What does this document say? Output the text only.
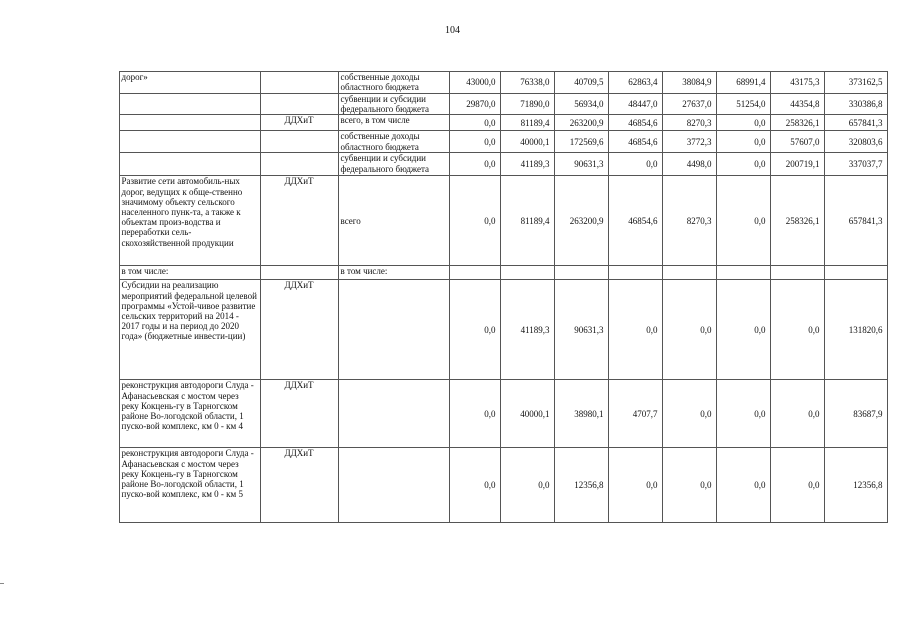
104
	дорог»		собственные доходы областного бюджета	43000,0	76338,0	40709,5	62863,4	38084,9	68991,4	43175,3	373162,5
			субвенции и субсидии федерального бюджета	29870,0	71890,0	56934,0	48447,0	27637,0	51254,0	44354,8	330386,8
		ДДХиТ	всего, в том числе	0,0	81189,4	263200,9	46854,6	8270,3	0,0	258326,1	657841,3
			собственные доходы областного бюджета	0,0	40000,1	172569,6	46854,6	3772,3	0,0	57607,0	320803,6
			субвенции и субсидии федерального бюджета	0,0	41189,3	90631,3	0,0	4498,0	0,0	200719,1	337037,7
	Развитие сети автомобиль-ных дорог, ведущих к обще-ственно значимому объекту сельского населенного пунк-та, а также к объектам произ-водства и переработки сель-скохозяйственной продукции	ДДХиТ	всего	0,0	81189,4	263200,9	46854,6	8270,3	0,0	258326,1	657841,3
	в том числе:		в том числе:								
	Субсидии на реализацию мероприятий федеральной целевой программы «Устой-чивое развитие сельских территорий на 2014 - 2017 годы и на период до 2020 года» (бюджетные инвести-ции)	ДДХиТ		0,0	41189,3	90631,3	0,0	0,0	0,0	0,0	131820,6
	реконструкция автодороги Слуда - Афанасьевская с мостом через реку Кокцень-гу в Тарногском районе Во-логодской области, 1 пуско-вой комплекс, км 0 - км 4	ДДХиТ		0,0	40000,1	38980,1	4707,7	0,0	0,0	0,0	83687,9
	реконструкция автодороги Слуда - Афанасьевская с мостом через реку Кокцень-гу в Тарногском районе Во-логодской области, 1 пуско-вой комплекс, км 0 - км 5	ДДХиТ		0,0	0,0	12356,8	0,0	0,0	0,0	0,0	12356,8
